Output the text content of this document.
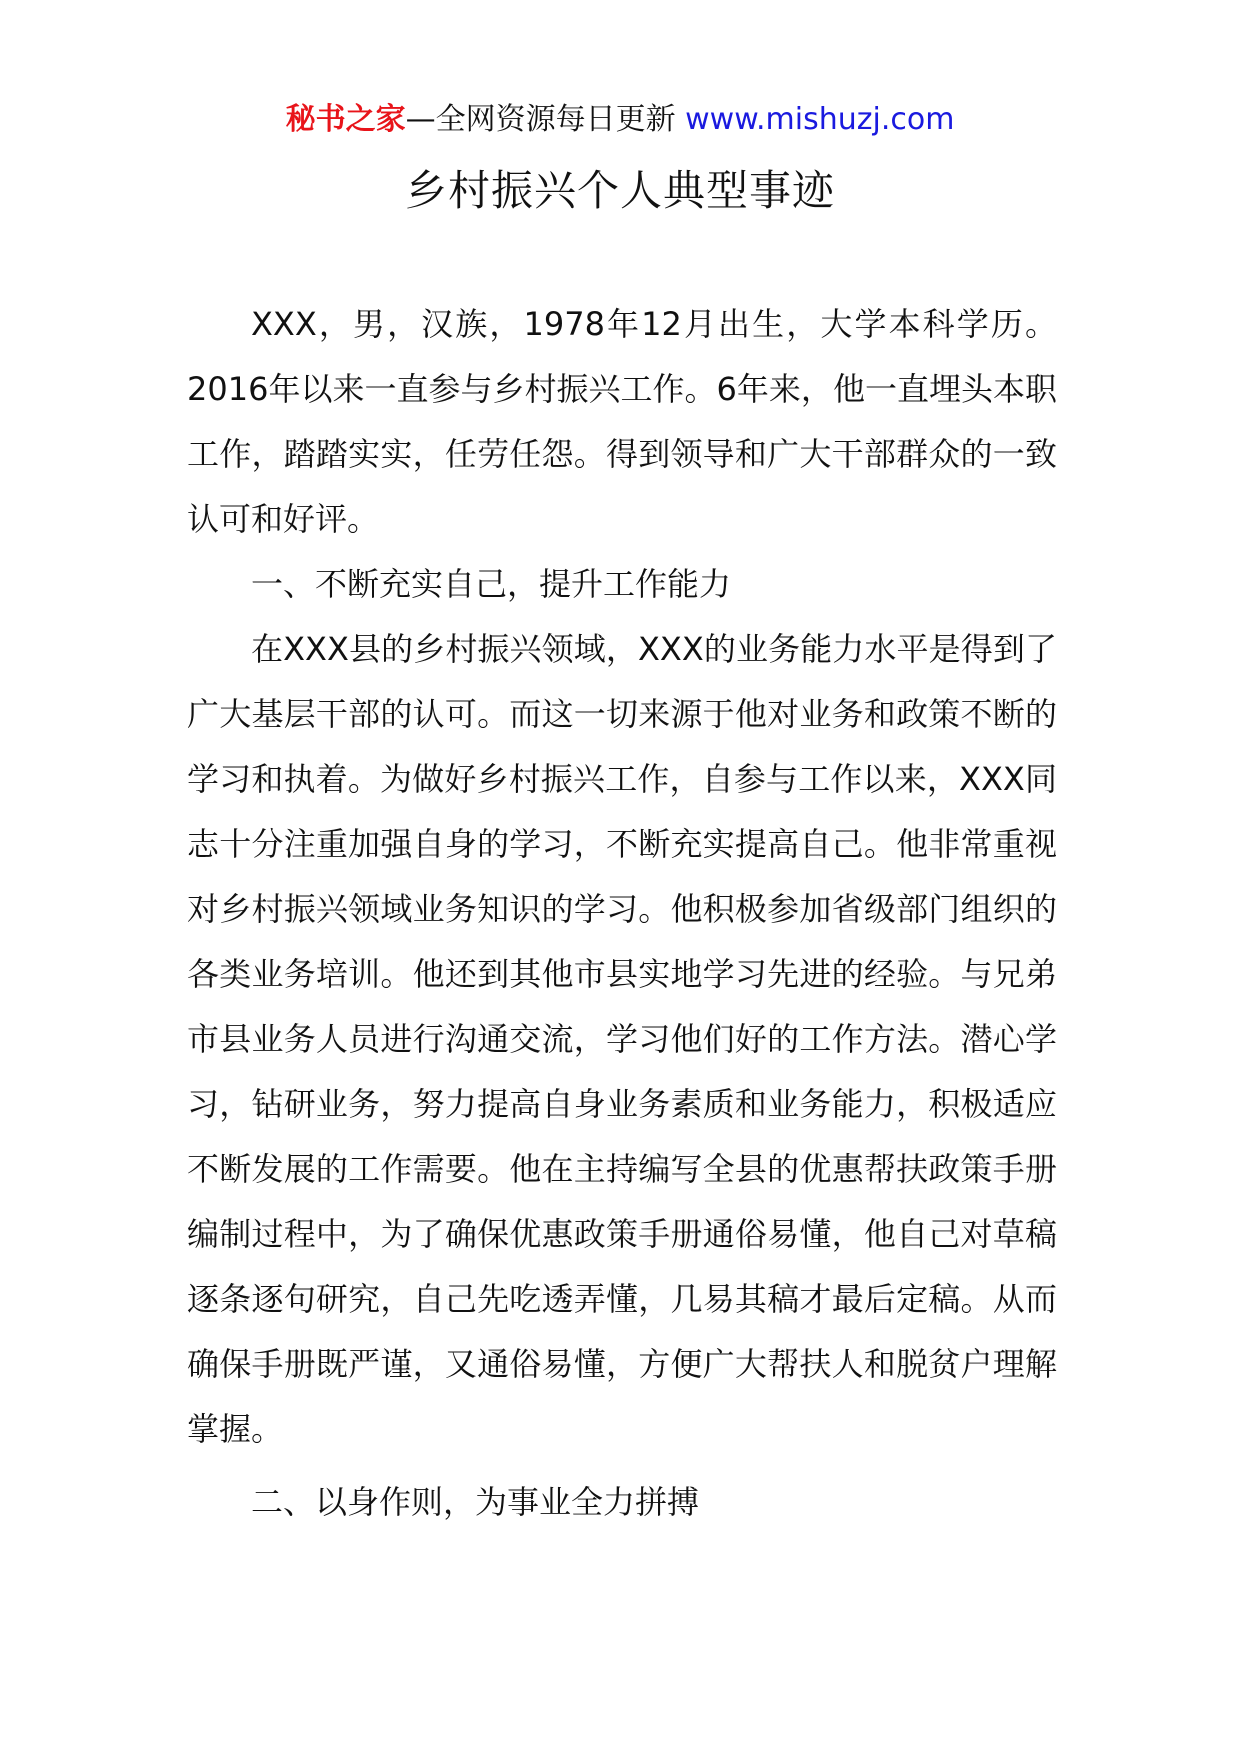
秘书之家—全网资源每日更新 www.mishuzj.com
乡村振兴个人典型事迹

XXX，男，汉族，1978年12月出生，大学本科学历。2016年以来一直参与乡村振兴工作。6年来，他一直埋头本职工作，踏踏实实，任劳任怨。得到领导和广大干部群众的一致认可和好评。

一、不断充实自己，提升工作能力

在XXX县的乡村振兴领域，XXX的业务能力水平是得到了广大基层干部的认可。而这一切来源于他对业务和政策不断的学习和执着。为做好乡村振兴工作，自参与工作以来，XXX同志十分注重加强自身的学习，不断充实提高自己。他非常重视对乡村振兴领域业务知识的学习。他积极参加省级部门组织的各类业务培训。他还到其他市县实地学习先进的经验。与兄弟市县业务人员进行沟通交流，学习他们好的工作方法。潜心学习，钻研业务，努力提高自身业务素质和业务能力，积极适应不断发展的工作需要。他在主持编写全县的优惠帮扶政策手册编制过程中，为了确保优惠政策手册通俗易懂，他自己对草稿逐条逐句研究，自己先吃透弄懂，几易其稿才最后定稿。从而确保手册既严谨，又通俗易懂，方便广大帮扶人和脱贫户理解掌握。

二、以身作则，为事业全力拼搏
